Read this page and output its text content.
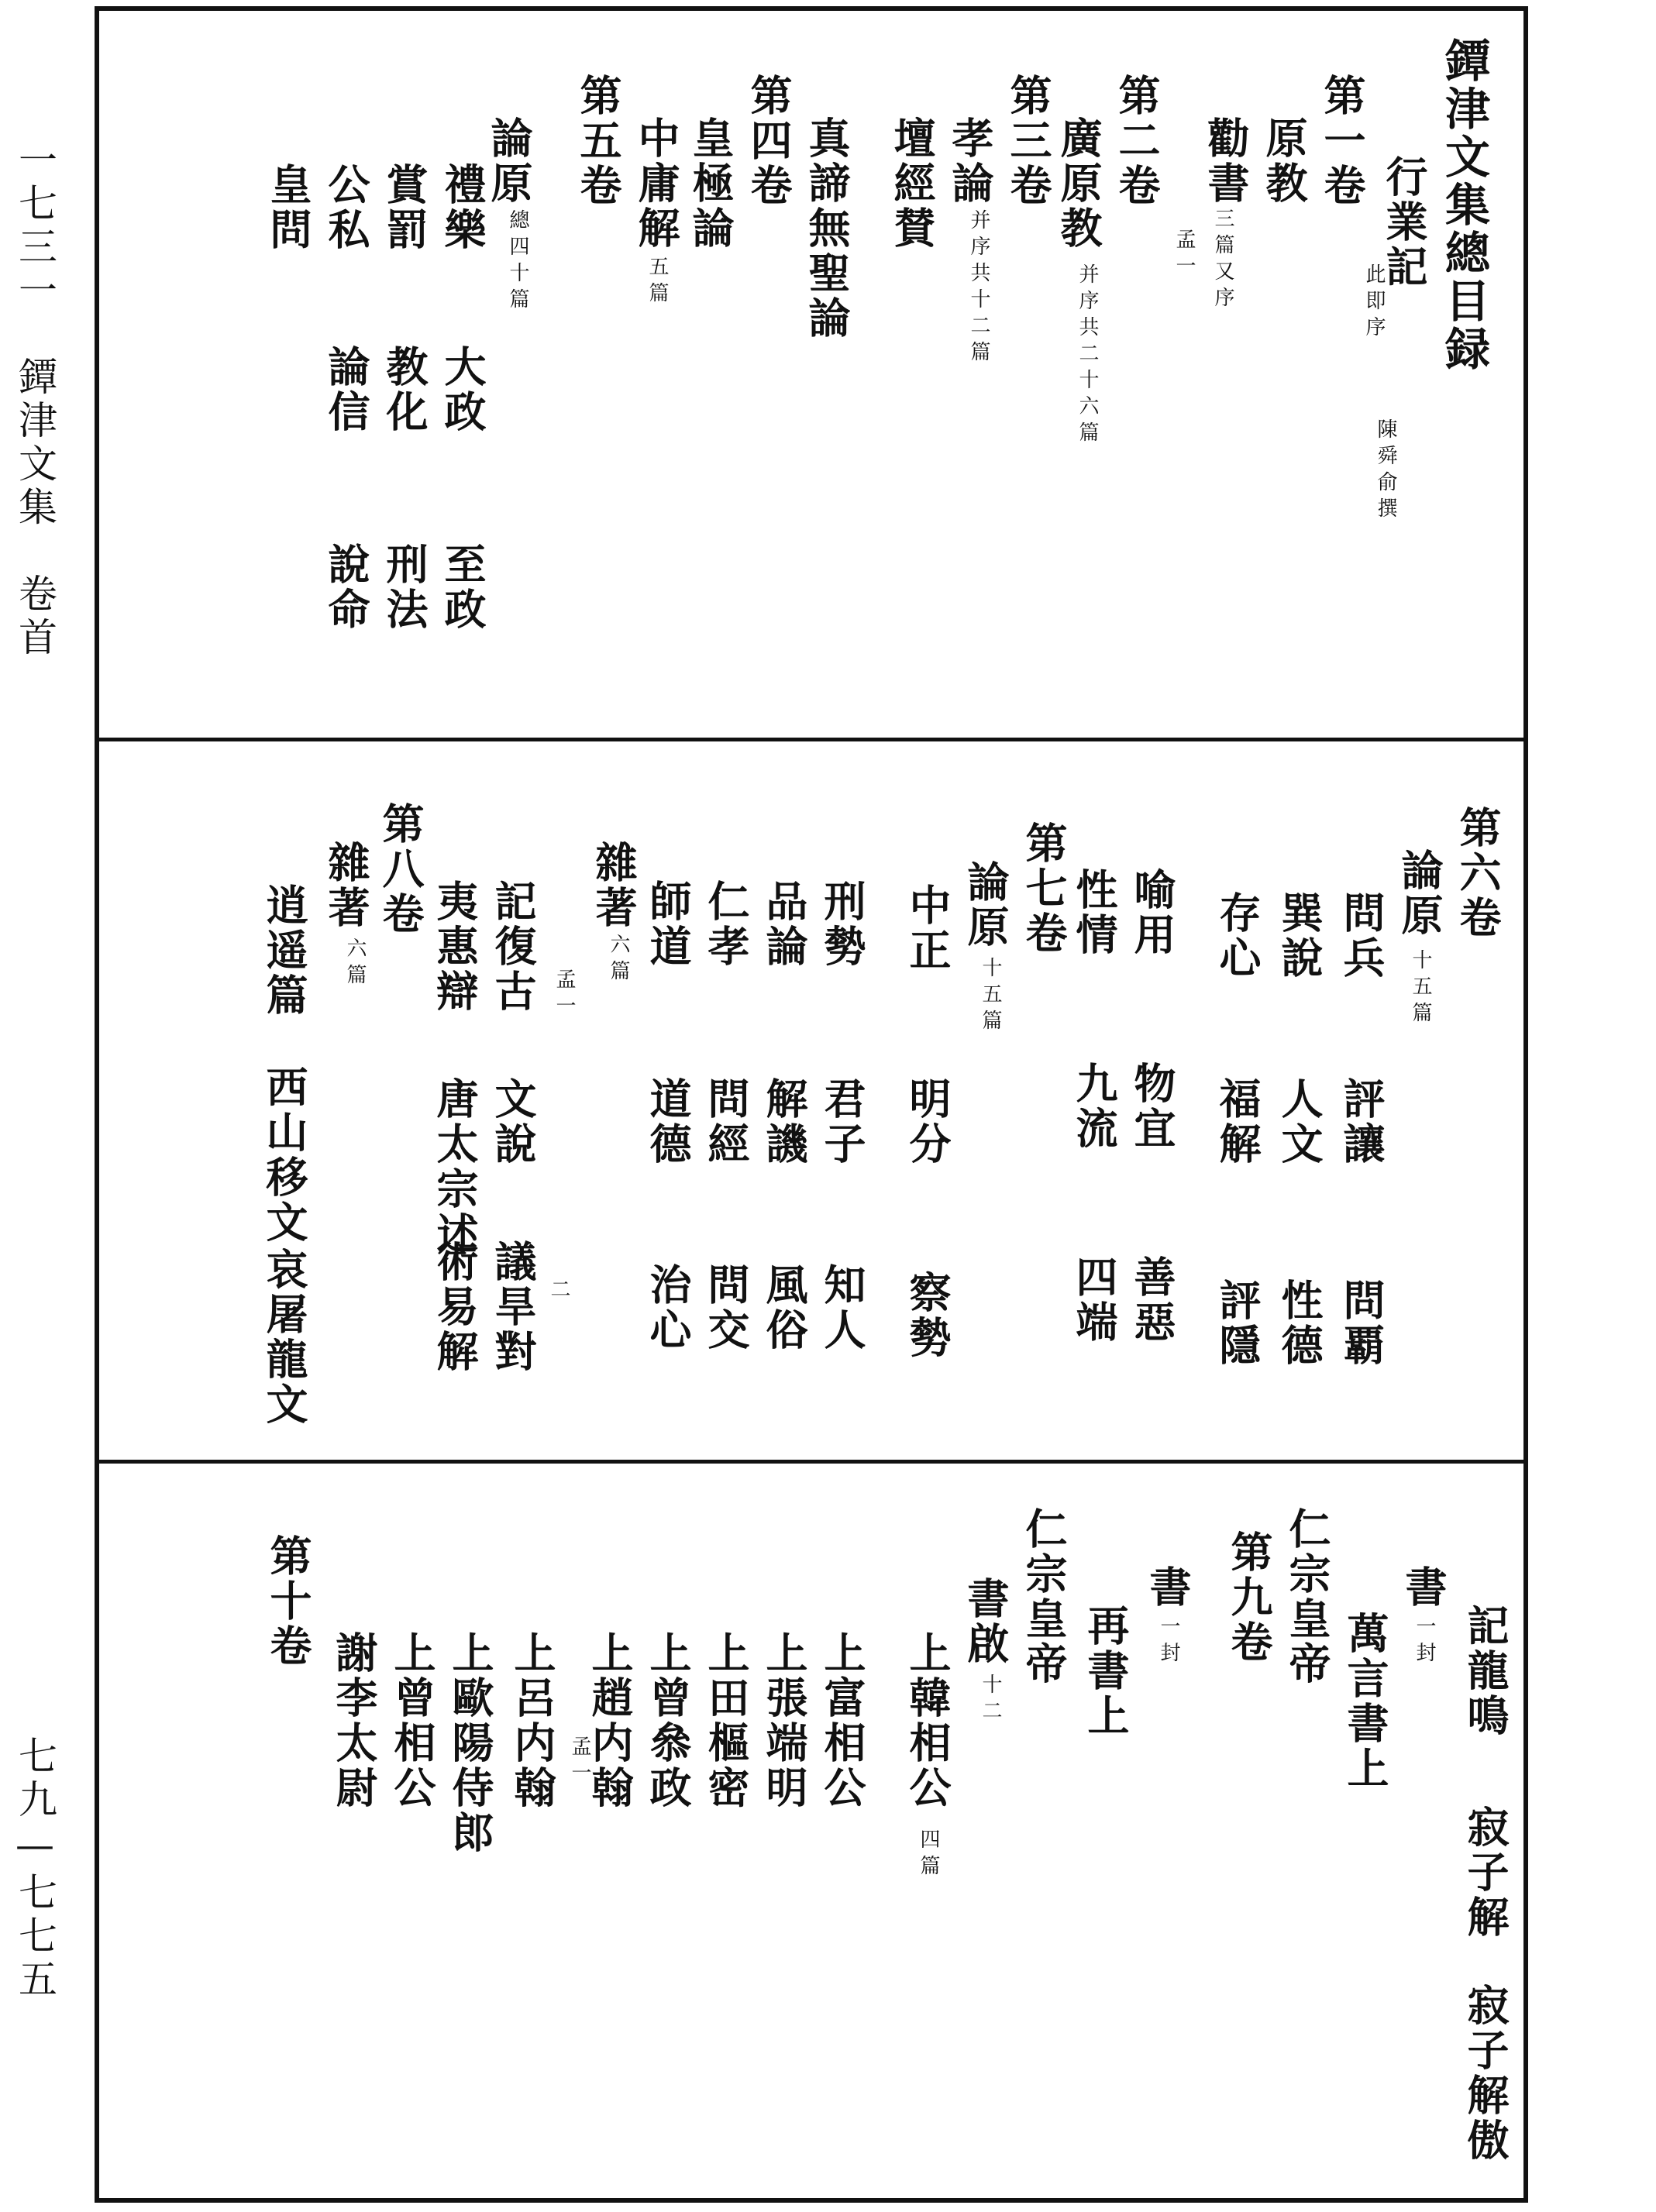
一七三一　鐔津文集　卷首
七九—七七五
鐔津文集總目録
行業記
此即序
陳舜俞撰
第一卷
原教
勸書
三篇又序
孟一
第二卷
廣原教
并序共二十六篇
第三卷
孝論
并序共十二篇
壇經賛
真諦無聖論
第四卷
皇極論
中庸解
五篇
第五卷
論原
總四十篇
禮樂
大政
至政
賞罰
教化
刑法
公私
論信
說命
皇問
第六卷
論原
十五篇
問兵
評讓
問覇
巽說
人文
性德
存心
福解
評隱
喻用
物宜
善惡
性情
九流
四端
第七卷
論原
十五篇
中正
明分
察勢
刑勢
君子
知人
品論
解譏
風俗
仁孝
問經
問交
師道
道德
治心
雜著
六篇
孟一
記復古
文說
議旱對 二
夷惠辯
唐太宗述
術易解
第八卷
雜著
六篇
逍遥篇
西山移文
哀屠龍文
記龍鳴
寂子解
寂子解傲
書
一封
萬言書上
仁宗皇帝
第九卷
書
一封
再書上
仁宗皇帝
書啟
十二
上韓相公
四篇
上富相公
上張端明
上田樞密
上曾叅政
上趙内翰
上呂内翰 孟一
上歐陽侍郎
上曾相公
謝李太尉
第十卷
